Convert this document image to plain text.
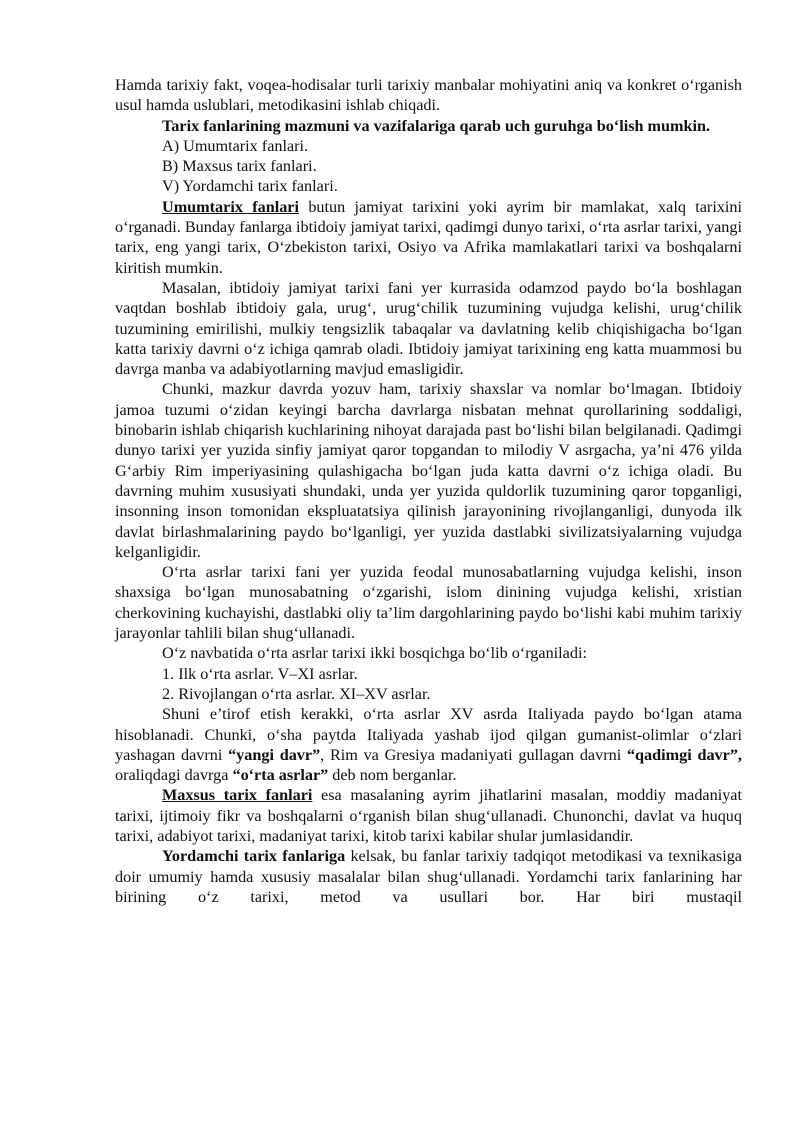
Hamda tarixiy fakt, voqea-hodisalar turli tarixiy manbalar mohiyatini aniq va konkret o‘rganish usul hamda uslublari, metodikasini ishlab chiqadi.

Tarix fanlarining mazmuni va vazifalariga qarab uch guruhga bo‘lish mumkin.

A) Umumtarix fanlari.

B) Maxsus tarix fanlari.

V) Yordamchi tarix fanlari.

Umumtarix fanlari butun jamiyat tarixini yoki ayrim bir mamlakat, xalq tarixini o‘rganadi. Bunday fanlarga ibtidoiy jamiyat tarixi, qadimgi dunyo tarixi, o‘rta asrlar tarixi, yangi tarix, eng yangi tarix, O‘zbekiston tarixi, Osiyo va Afrika mamlakatlari tarixi va boshqalarni kiritish mumkin.

Masalan, ibtidoiy jamiyat tarixi fani yer kurrasida odamzod paydo bo‘la boshlagan vaqtdan boshlab ibtidoiy gala, urug‘, urug‘chilik tuzumining vujudga kelishi, urug‘chilik tuzumining emirilishi, mulkiy tengsizlik tabaqalar va davlatning kelib chiqishigacha bo‘lgan katta tarixiy davrni o‘z ichiga qamrab oladi. Ibtidoiy jamiyat tarixining eng katta muammosi bu davrga manba va adabiyotlarning mavjud emasligidir.

Chunki, mazkur davrda yozuv ham, tarixiy shaxslar va nomlar bo‘lmagan. Ibtidoiy jamoa tuzumi o‘zidan keyingi barcha davrlarga nisbatan mehnat qurollarining soddaligi, binobarin ishlab chiqarish kuchlarining nihoyat darajada past bo‘lishi bilan belgilanadi. Qadimgi dunyo tarixi yer yuzida sinfiy jamiyat qaror topgandan to milodiy V asrgacha, ya’ni 476 yilda G‘arbiy Rim imperiyasining qulashigacha bo‘lgan juda katta davrni o‘z ichiga oladi. Bu davrning muhim xususiyati shundaki, unda yer yuzida quldorlik tuzumining qaror topganligi, insonning inson tomonidan ekspluatatsiya qilinish jarayonining rivojlanganligi, dunyoda ilk davlat birlashmalarining paydo bo‘lganligi, yer yuzida dastlabki sivilizatsiyalarning vujudga kelganligidir.

O‘rta asrlar tarixi fani yer yuzida feodal munosabatlarning vujudga kelishi, inson shaxsiga bo‘lgan munosabatning o‘zgarishi, islom dinining vujudga kelishi, xristian cherkovining kuchayishi, dastlabki oliy ta’lim dargohlarining paydo bo‘lishi kabi muhim tarixiy jarayonlar tahlili bilan shug‘ullanadi.

O‘z navbatida o‘rta asrlar tarixi ikki bosqichga bo‘lib o‘rganiladi:

1. Ilk o‘rta asrlar. V–XI asrlar.

2. Rivojlangan o‘rta asrlar. XI–XV asrlar.

Shuni e’tirof etish kerakki, o‘rta asrlar XV asrda Italiyada paydo bo‘lgan atama hisoblanadi. Chunki, o‘sha paytda Italiyada yashab ijod qilgan gumanist-olimlar o‘zlari yashagan davrni “yangi davr”, Rim va Gresiya madaniyati gullagan davrni “qadimgi davr”, oraliqdagi davrga “o‘rta asrlar” deb nom berganlar.

Maxsus tarix fanlari esa masalaning ayrim jihatlarini masalan, moddiy madaniyat tarixi, ijtimoiy fikr va boshqalarni o‘rganish bilan shug‘ullanadi. Chunonchi, davlat va huquq tarixi, adabiyot tarixi, madaniyat tarixi, kitob tarixi kabilar shular jumlasidandir.

Yordamchi tarix fanlariga kelsak, bu fanlar tarixiy tadqiqot metodikasi va texnikasiga doir umumiy hamda xususiy masalalar bilan shug‘ullanadi. Yordamchi tarix fanlarining har birining o‘z tarixi, metod va usullari bor. Har biri mustaqil
